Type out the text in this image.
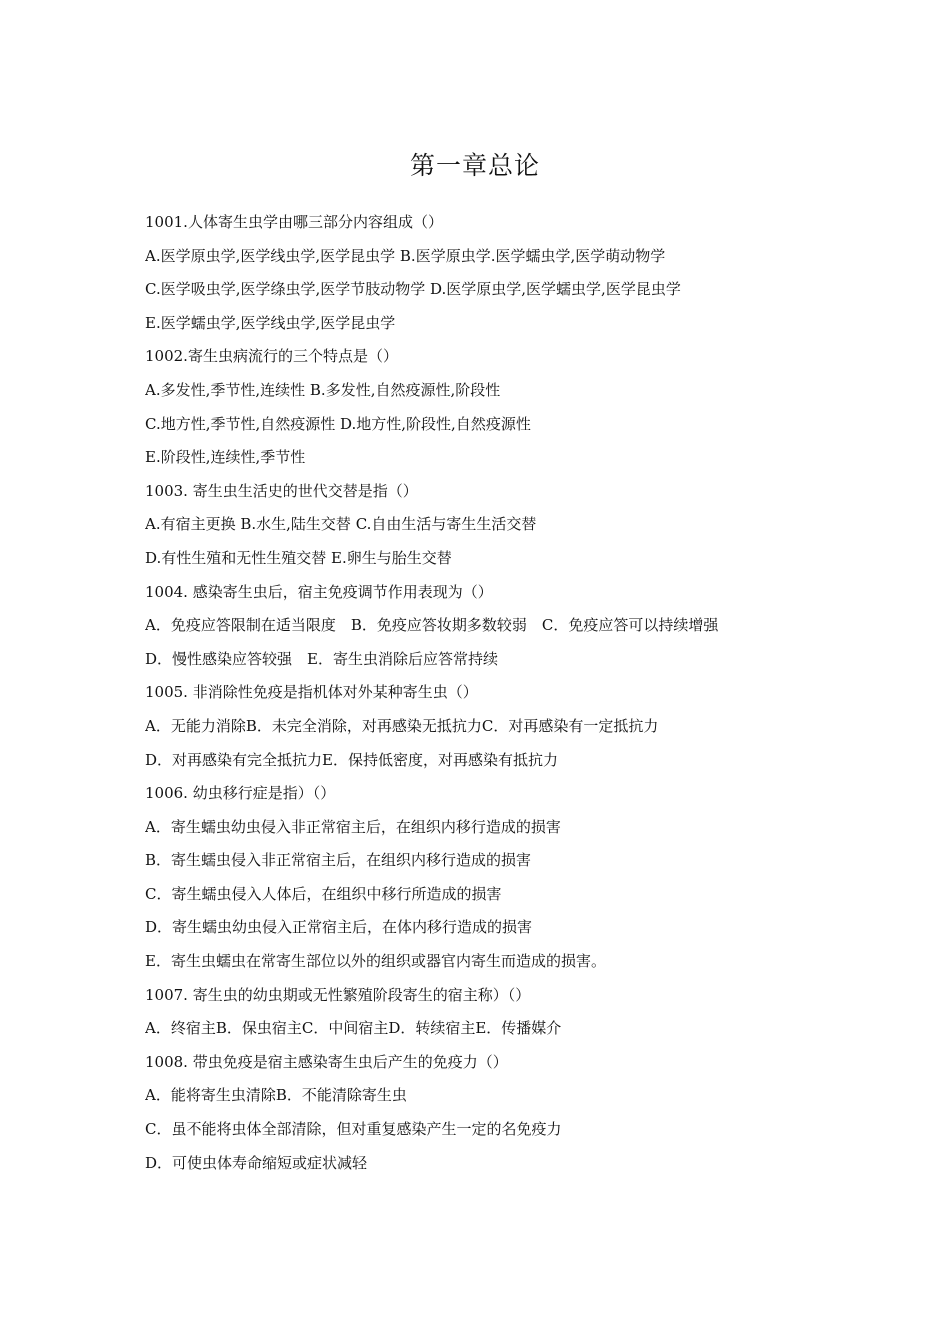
第一章总论
1001.人体寄生虫学由哪三部分内容组成（）
A.医学原虫学,医学线虫学,医学昆虫学 B.医学原虫学.医学蠕虫学,医学萌动物学
C.医学吸虫学,医学绦虫学,医学节肢动物学 D.医学原虫学,医学蠕虫学,医学昆虫学
E.医学蠕虫学,医学线虫学,医学昆虫学
1002.寄生虫病流行的三个特点是（）
A.多发性,季节性,连续性 B.多发性,自然疫源性,阶段性
C.地方性,季节性,自然疫源性 D.地方性,阶段性,自然疫源性
E.阶段性,连续性,季节性
1003. 寄生虫生活史的世代交替是指（）
A.有宿主更换 B.水生,陆生交替 C.自由生活与寄生生活交替
D.有性生殖和无性生殖交替 E.卵生与胎生交替
1004. 感染寄生虫后，宿主免疫调节作用表现为（）
A．免疫应答限制在适当限度　B．免疫应答妆期多数较弱　C．免疫应答可以持续增强
D．慢性感染应答较强　E．寄生虫消除后应答常持续
1005. 非消除性免疫是指机体对外某种寄生虫（）
A．无能力消除B．未完全消除，对再感染无抵抗力C．对再感染有一定抵抗力
D．对再感染有完全抵抗力E．保持低密度，对再感染有抵抗力
1006. 幼虫移行症是指）（）
A．寄生蠕虫幼虫侵入非正常宿主后，在组织内移行造成的损害
B．寄生蠕虫侵入非正常宿主后，在组织内移行造成的损害
C．寄生蠕虫侵入人体后，在组织中移行所造成的损害
D．寄生蠕虫幼虫侵入正常宿主后，在体内移行造成的损害
E．寄生虫蠕虫在常寄生部位以外的组织或器官内寄生而造成的损害。
1007. 寄生虫的幼虫期或无性繁殖阶段寄生的宿主称）（）
A．终宿主B．保虫宿主C．中间宿主D．转续宿主E．传播媒介
1008. 带虫免疫是宿主感染寄生虫后产生的免疫力（）
A．能将寄生虫清除B．不能清除寄生虫
C．虽不能将虫体全部清除，但对重复感染产生一定的名免疫力
D．可使虫体寿命缩短或症状减轻
